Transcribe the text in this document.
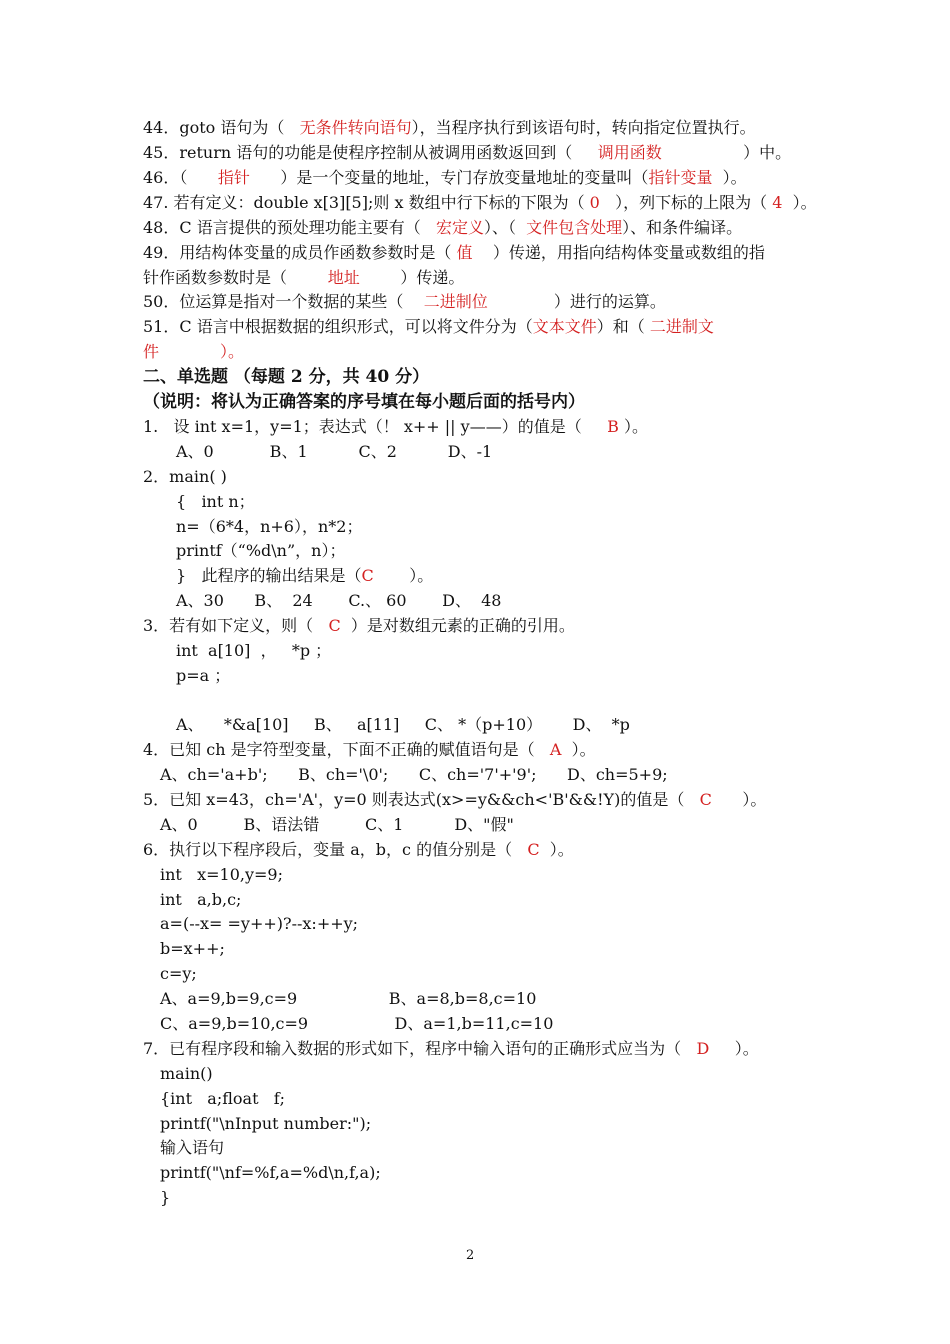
44．goto 语句为（   无条件转向语句），当程序执行到该语句时，转向指定位置执行。
45．return 语句的功能是使程序控制从被调用函数返回到（     调用函数                ）中。
46．（      指针      ）是一个变量的地址，专门存放变量地址的变量叫（指针变量  ）。
47. 若有定义：double x[3][5];则 x 数组中行下标的下限为（ 0   ），列下标的上限为（ 4  ）。
48．C 语言提供的预处理功能主要有（   宏定义）、（  文件包含处理）、和条件编译。
49．用结构体变量的成员作函数参数时是（ 值    ）传递，用指向结构体变量或数组的指
针作函数参数时是（        地址        ）传递。
50．位运算是指对一个数据的某些（    二进制位             ）进行的运算。
51．C 语言中根据数据的组织形式，可以将文件分为（文本文件）和（ 二进制文
件            ）。
二、单选题 （每题 2 分，共 40 分）
（说明：将认为正确答案的序号填在每小题后面的括号内）
1.   设 int x=1，y=1；表达式（！ x++ || y——）的值是（     B ）。
A、0           B、1          C、2          D、-1
2．main( )
{   int n；
n=（6*4，n+6），n*2；
printf（“%d\n”，n）；
}   此程序的输出结果是（C       ）。
A、30      B、  24       C.、 60       D、  48
3．若有如下定义，则（   C  ）是对数组元素的正确的引用。
int  a[10]  ，   *p ；
p=a ；
A、    *&a[10]     B、   a[11]     C、 *（p+10）      D、  *p
4．已知 ch 是字符型变量，下面不正确的赋值语句是（   A  ）。
A、ch='a+b';      B、ch='\0';      C、ch='7'+'9';      D、ch=5+9;
5．已知 x=43，ch='A'，y=0 则表达式(x>=y&&ch<'B'&&!Y)的值是（   C      ）。
A、0         B、语法错         C、1          D、"假"
6．执行以下程序段后，变量 a，b，c 的值分别是（   C  ）。
int   x=10,y=9;
int   a,b,c;
a=(--x= =y++)?--x:++y;
b=x++;
c=y;
A、a=9,b=9,c=9                  B、a=8,b=8,c=10
C、a=9,b=10,c=9                 D、a=1,b=11,c=10
7．已有程序段和输入数据的形式如下，程序中输入语句的正确形式应当为（   D     ）。
main()
{int   a;float   f;
printf("\nInput number:");
输入语句
printf("\nf=%f,a=%d\n,f,a);
}
2
